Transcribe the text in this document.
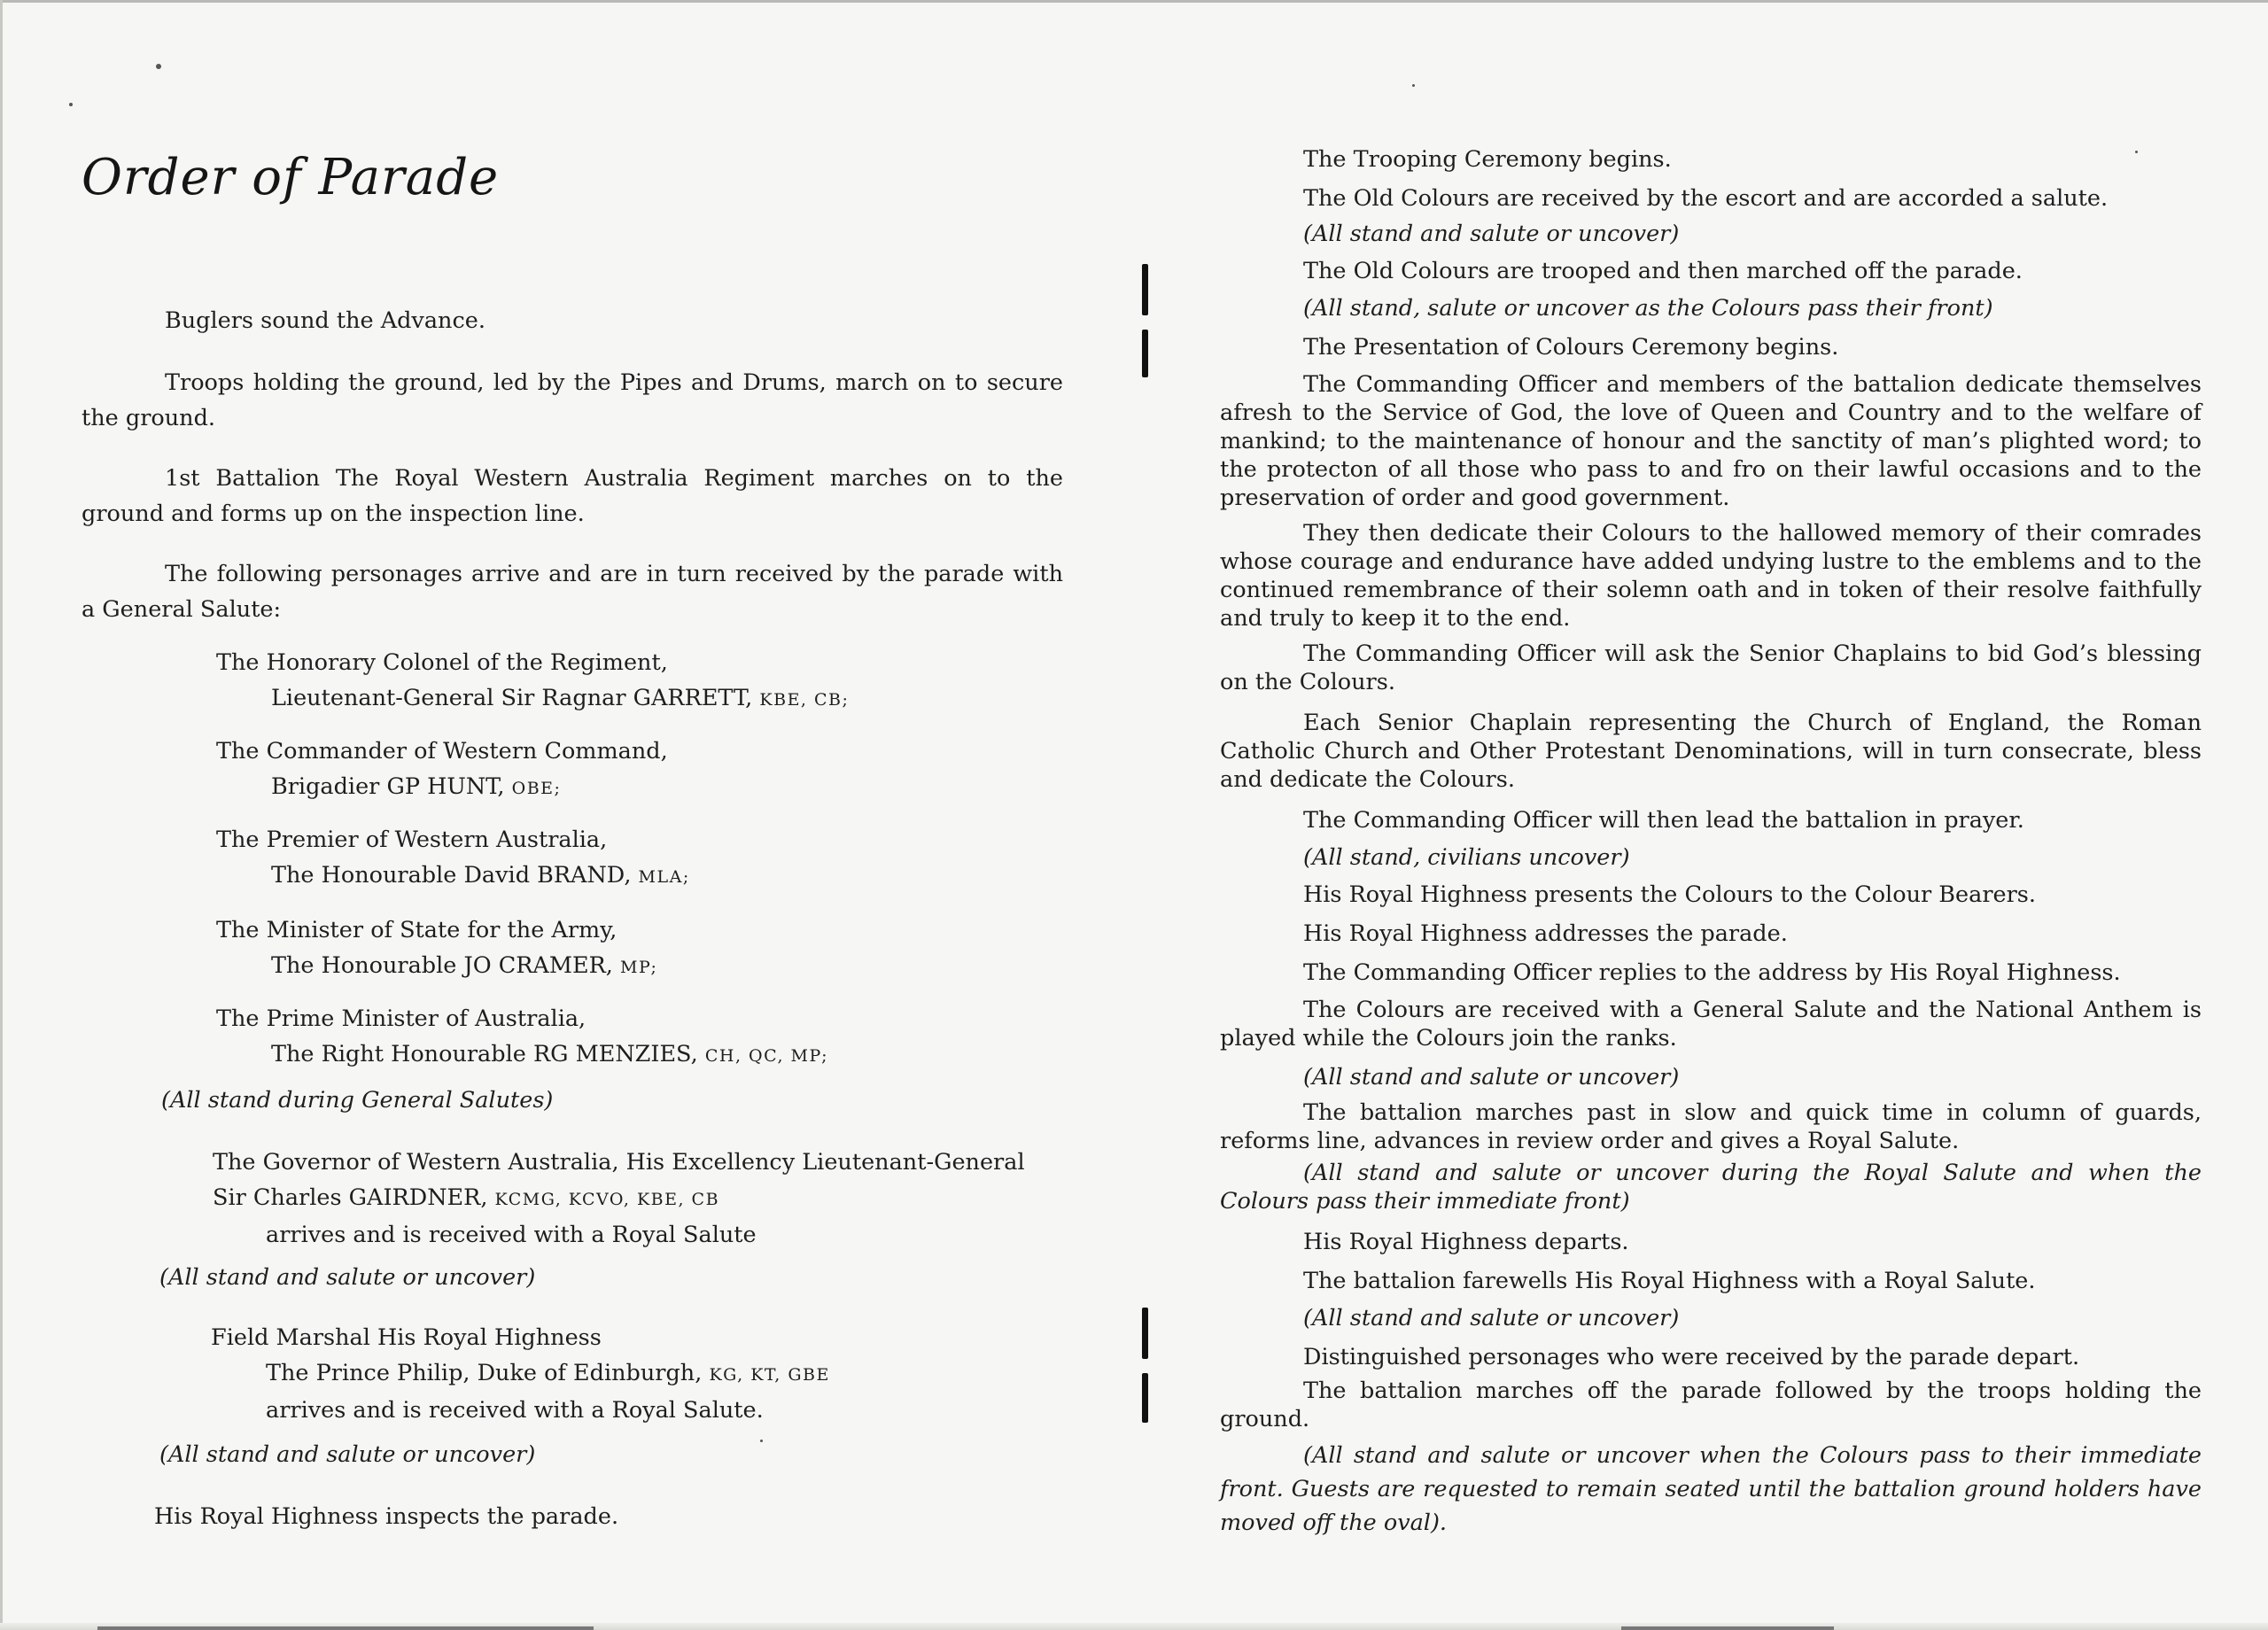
Order of Parade

Buglers sound the Advance.

Troops holding the ground, led by the Pipes and Drums, march on to secure the ground.

1st Battalion The Royal Western Australia Regiment marches on to the ground and forms up on the inspection line.

The following personages arrive and are in turn received by the parade with a General Salute:

The Honorary Colonel of the Regiment,

Lieutenant-General Sir Ragnar GARRETT, KBE, CB;

The Commander of Western Command,

Brigadier GP HUNT, OBE;

The Premier of Western Australia,

The Honourable David BRAND, MLA;

The Minister of State for the Army,

The Honourable JO CRAMER, MP;

The Prime Minister of Australia,

The Right Honourable RG MENZIES, CH, QC, MP;

(All stand during General Salutes)

The Governor of Western Australia, His Excellency Lieutenant-General

Sir Charles GAIRDNER, KCMG, KCVO, KBE, CB

arrives and is received with a Royal Salute

(All stand and salute or uncover)

Field Marshal His Royal Highness

The Prince Philip, Duke of Edinburgh, KG, KT, GBE

arrives and is received with a Royal Salute.

(All stand and salute or uncover)

His Royal Highness inspects the parade.

The Trooping Ceremony begins.

The Old Colours are received by the escort and are accorded a salute.

(All stand and salute or uncover)

The Old Colours are trooped and then marched off the parade.

(All stand, salute or uncover as the Colours pass their front)

The Presentation of Colours Ceremony begins.

The Commanding Officer and members of the battalion dedicate themselves afresh to the Service of God, the love of Queen and Country and to the welfare of mankind; to the maintenance of honour and the sanctity of man’s plighted word; to the protecton of all those who pass to and fro on their lawful occasions and to the preservation of order and good government.

They then dedicate their Colours to the hallowed memory of their comrades whose courage and endurance have added undying lustre to the emblems and to the continued remembrance of their solemn oath and in token of their resolve faithfully and truly to keep it to the end.

The Commanding Officer will ask the Senior Chaplains to bid God’s blessing on the Colours.

Each Senior Chaplain representing the Church of England, the Roman Catholic Church and Other Protestant Denominations, will in turn consecrate, bless and dedicate the Colours.

The Commanding Officer will then lead the battalion in prayer.

(All stand, civilians uncover)

His Royal Highness presents the Colours to the Colour Bearers.

His Royal Highness addresses the parade.

The Commanding Officer replies to the address by His Royal Highness.

The Colours are received with a General Salute and the National Anthem is played while the Colours join the ranks.

(All stand and salute or uncover)

The battalion marches past in slow and quick time in column of guards, reforms line, advances in review order and gives a Royal Salute.

(All stand and salute or uncover during the Royal Salute and when the Colours pass their immediate front)

His Royal Highness departs.

The battalion farewells His Royal Highness with a Royal Salute.

(All stand and salute or uncover)

Distinguished personages who were received by the parade depart.

The battalion marches off the parade followed by the troops holding the ground.

(All stand and salute or uncover when the Colours pass to their immediate front. Guests are requested to remain seated until the battalion ground holders have moved off the oval).
